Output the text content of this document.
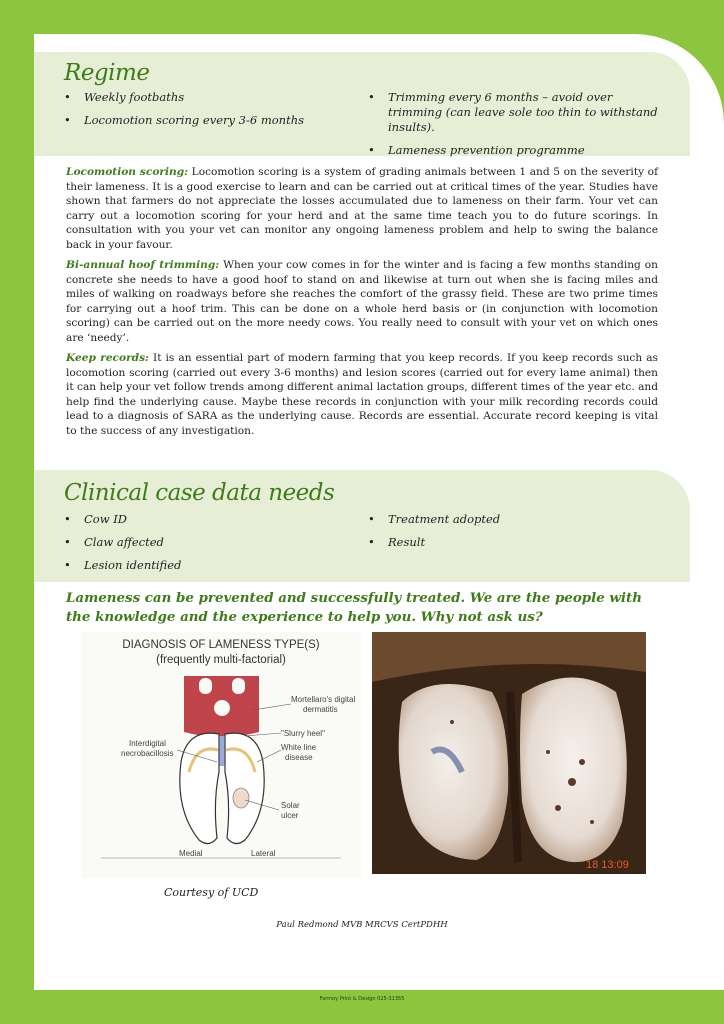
Regime
• Weekly footbaths
• Locomotion scoring every 3-6 months
• Trimming every 6 months – avoid over trimming (can leave sole too thin to withstand insults).
• Lameness prevention programme

Locomotion scoring: Locomotion scoring is a system of grading animals between 1 and 5 on the severity of their lameness. It is a good exercise to learn and can be carried out at critical times of the year. Studies have shown that farmers do not appreciate the losses accumulated due to lameness on their farm. Your vet can carry out a locomotion scoring for your herd and at the same time teach you to do future scorings. In consultation with you your vet can monitor any ongoing lameness problem and help to swing the balance back in your favour.

Bi-annual hoof trimming: When your cow comes in for the winter and is facing a few months standing on concrete she needs to have a good hoof to stand on and likewise at turn out when she is facing miles and miles of walking on roadways before she reaches the comfort of the grassy field. These are two prime times for carrying out a hoof trim. This can be done on a whole herd basis or (in conjunction with locomotion scoring) can be carried out on the more needy cows. You really need to consult with your vet on which ones are ‘needy’.

Keep records: It is an essential part of modern farming that you keep records. If you keep records such as locomotion scoring (carried out every 3-6 months) and lesion scores (carried out for every lame animal) then it can help your vet follow trends among different animal lactation groups, different times of the year etc. and help find the underlying cause. Maybe these records in conjunction with your milk recording records could lead to a diagnosis of SARA as the underlying cause. Records are essential. Accurate record keeping is vital to the success of any investigation.

Clinical case data needs
• Cow ID
• Claw affected
• Lesion identified
• Treatment adopted
• Result
Lameness can be prevented and successfully treated. We are the people with the knowledge and the experience to help you. Why not ask us?
DIAGNOSIS OF LAMENESS TYPE(S)
(frequently multi-factorial)
Mortellaro's digital
dermatitis
"Slurry heel"
White line
disease
Interdigital
necrobacillosis
Solar
ulcer
Medial	Lateral
18 13:09
Courtesy of UCD
Paul Redmond MVB MRCVS CertPDHH
Fermoy Print & Design 025-31355
